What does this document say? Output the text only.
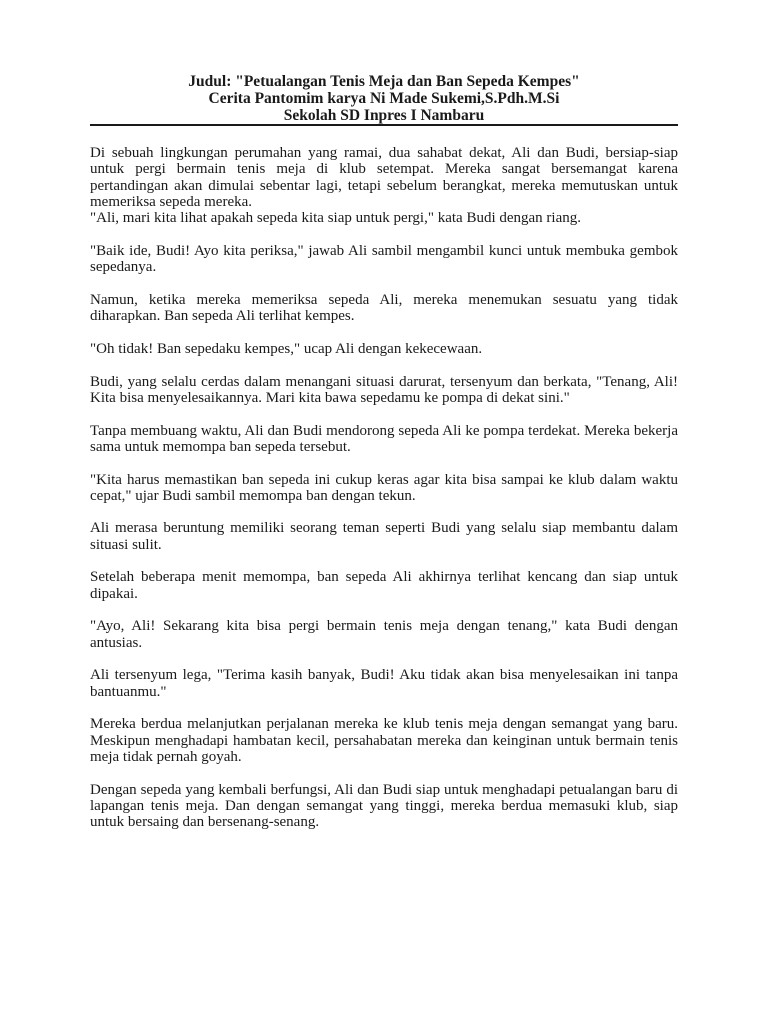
Judul: "Petualangan Tenis Meja dan Ban Sepeda Kempes"
Cerita Pantomim karya Ni Made Sukemi,S.Pdh.M.Si
Sekolah SD Inpres I Nambaru

Di sebuah lingkungan perumahan yang ramai, dua sahabat dekat, Ali dan Budi, bersiap-siap untuk pergi bermain tenis meja di klub setempat. Mereka sangat bersemangat karena pertandingan akan dimulai sebentar lagi, tetapi sebelum berangkat, mereka memutuskan untuk memeriksa sepeda mereka.

"Ali, mari kita lihat apakah sepeda kita siap untuk pergi," kata Budi dengan riang.

"Baik ide, Budi! Ayo kita periksa," jawab Ali sambil mengambil kunci untuk membuka gembok sepedanya.

Namun, ketika mereka memeriksa sepeda Ali, mereka menemukan sesuatu yang tidak diharapkan. Ban sepeda Ali terlihat kempes.

"Oh tidak! Ban sepedaku kempes," ucap Ali dengan kekecewaan.

Budi, yang selalu cerdas dalam menangani situasi darurat, tersenyum dan berkata, "Tenang, Ali! Kita bisa menyelesaikannya. Mari kita bawa sepedamu ke pompa di dekat sini."

Tanpa membuang waktu, Ali dan Budi mendorong sepeda Ali ke pompa terdekat. Mereka bekerja sama untuk memompa ban sepeda tersebut.

"Kita harus memastikan ban sepeda ini cukup keras agar kita bisa sampai ke klub dalam waktu cepat," ujar Budi sambil memompa ban dengan tekun.

Ali merasa beruntung memiliki seorang teman seperti Budi yang selalu siap membantu dalam situasi sulit.

Setelah beberapa menit memompa, ban sepeda Ali akhirnya terlihat kencang dan siap untuk dipakai.

"Ayo, Ali! Sekarang kita bisa pergi bermain tenis meja dengan tenang," kata Budi dengan antusias.

Ali tersenyum lega, "Terima kasih banyak, Budi! Aku tidak akan bisa menyelesaikan ini tanpa bantuanmu."

Mereka berdua melanjutkan perjalanan mereka ke klub tenis meja dengan semangat yang baru. Meskipun menghadapi hambatan kecil, persahabatan mereka dan keinginan untuk bermain tenis meja tidak pernah goyah.

Dengan sepeda yang kembali berfungsi, Ali dan Budi siap untuk menghadapi petualangan baru di lapangan tenis meja. Dan dengan semangat yang tinggi, mereka berdua memasuki klub, siap untuk bersaing dan bersenang-senang.
